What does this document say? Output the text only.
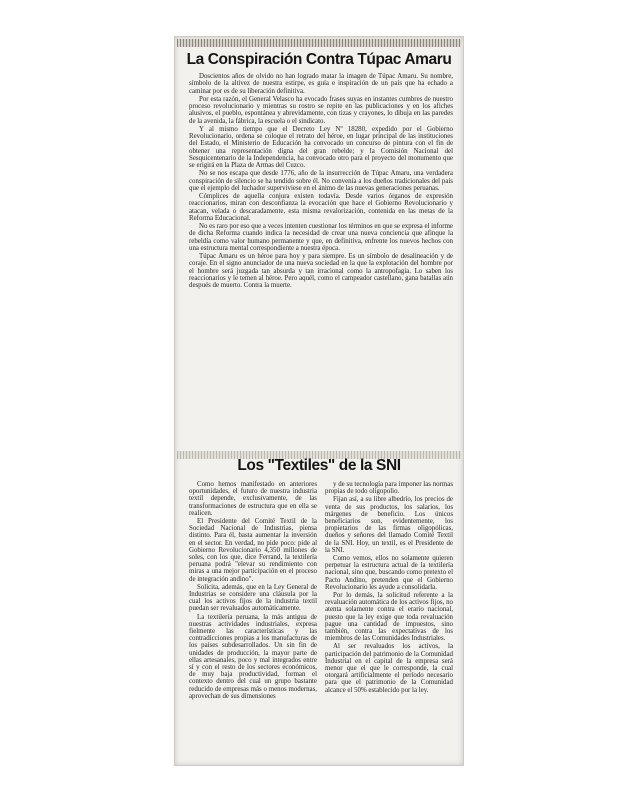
La Conspiración Contra Túpac Amaru

Doscientos años de olvido no han logrado matar la imagen de Túpac Amaru. Su nombre, símbolo de la altivez de nuestra estirpe, es guía e inspiración de un país que ha echado a caminar por es de su liberación definitiva.

Por esta razón, el General Velasco ha evocado frases suyas en instantes cumbres de nuestro proceso revolucionario y mientras su rostro se repite en las publicaciones y en los afiches alusivos, el pueblo, espontánea y abrevidamente, con tizas y crayones, lo dibuja en las paredes de la avenida, la fábrica, la escuela o el sindicato.

Y al mismo tiempo que el Decreto Ley Nº 18280, expedido por el Gobierno Revolucionario, ordena se coloque el retrato del héroe, en lugar principal de las instituciones del Estado, el Ministerio de Educación ha convocado un concurso de pintura con el fin de obtener una representación digna del gran rebelde; y la Comisión Nacional del Sesquicentenario de la Independencia, ha convocado otro para el proyecto del monumento que se erigirá en la Plaza de Armas del Cuzco.

No se nos escapa que desde 1776, año de la insurrección de Túpac Amaru, una verdadera conspiración de silencio se ha tendido sobre él. No convenía a los dueños tradicionales del país que el ejemplo del luchador superviviese en el ánimo de las nuevas generaciones peruanas.

Cómplices de aquella conjura existen todavía. Desde varios órganos de expresión reaccionarios, miran con desconfianza la evocación que hace el Gobierno Revolucionario y atacan, velada o descaradamente, esta misma revalorización, contenida en las metas de la Reforma Educacional.

No es raro por eso que a veces intenten cuestionar los términos en que se expresa el informe de dicha Reforma cuando indica la necesidad de crear una nueva conciencia que afinque la rebeldía como valor humano permanente y que, en definitiva, enfrente los nuevos hechos con una estructura mental correspondiente a nuestra época.

Túpac Amaru es un héroe para hoy y para siempre. Es un símbolo de desalineación y de coraje. En el signo anunciador de una nueva sociedad en la que la explotación del hombre por el hombre será juzgada tan absurda y tan irracional como la antropofagia. Lo saben los reaccionarios y le temen al héroe. Pero aquél, como el campeador castellano, gana batallas aún después de muerto. Contra la muerte.

Los "Textiles" de la SNI

Como hemos manifestado en anteriores oportunidades, el futuro de nuestra industria textil depende, exclusivamente, de las transformaciones de estructura que en ella se realicen.

El Presidente del Comité Textil de la Sociedad Nacional de Industrias, piensa distinto. Para él, basta aumentar la inversión en el sector. En verdad, no pide poco: pide al Gobierno Revolucionario 4,350 millones de soles, con los que, dice Ferrand, la textilería peruana podrá "elevar su rendimiento con miras a una mejor participación en el proceso de integración andino".

Solicita, además, que en la Ley General de Industrias se considere una cláusula por la cual los activos fijos de la industria textil puedan ser revaluados automáticamente.

La textilería peruana, la más antigua de nuestras actividades industriales, expresa fielmente las características y las contradicciones propias a los manufacturas de los países subdesarrollados. Un sin fin de unidades de producción, la mayor parte de ellas artesanales, poco y mal integrados entre sí y con el resto de los sectores económicos, de muy baja productividad, forman el contexto dentro del cual un grupo bastante reducido de empresas más o menos modernas, aprovechan de sus dimensiones

y de su tecnología para imponer las normas propias de todo oligopolio.

Fijan así, a su libre albedrío, los precios de venta de sus productos, los salarios, los márgenes de beneficio. Los únicos beneficiarios son, evidentemente, los propietarios de las firmas oligopólicas, dueños y señores del llamado Comité Textil de la SNI. Hoy, un textil, es el Presidente de la SNI.

Como vemos, ellos no solamente quieren perpetuar la estructura actual de la textilería nacional, sino que, buscando como pretexto el Pacto Andino, pretenden que el Gobierno Revolucionario les ayude a consolidarla.

Por lo demás, la solicitud referente a la revaluación automática de los activos fijos, no atenta solamente contra el erario nacional, puesto que la ley exige que toda revaluación pague una cantidad de impuestos, sino también, contra las expectativas de los miembros de las Comunidades Industriales.

Al ser revaluados los activos, la participación del patrimonio de la Comunidad Industrial en el capital de la empresa será menor que el que le corresponde, la cual otorgará artificialmente el período necesario para que el patrimonio de la Comunidad alcance el 50% establecido por la ley.
